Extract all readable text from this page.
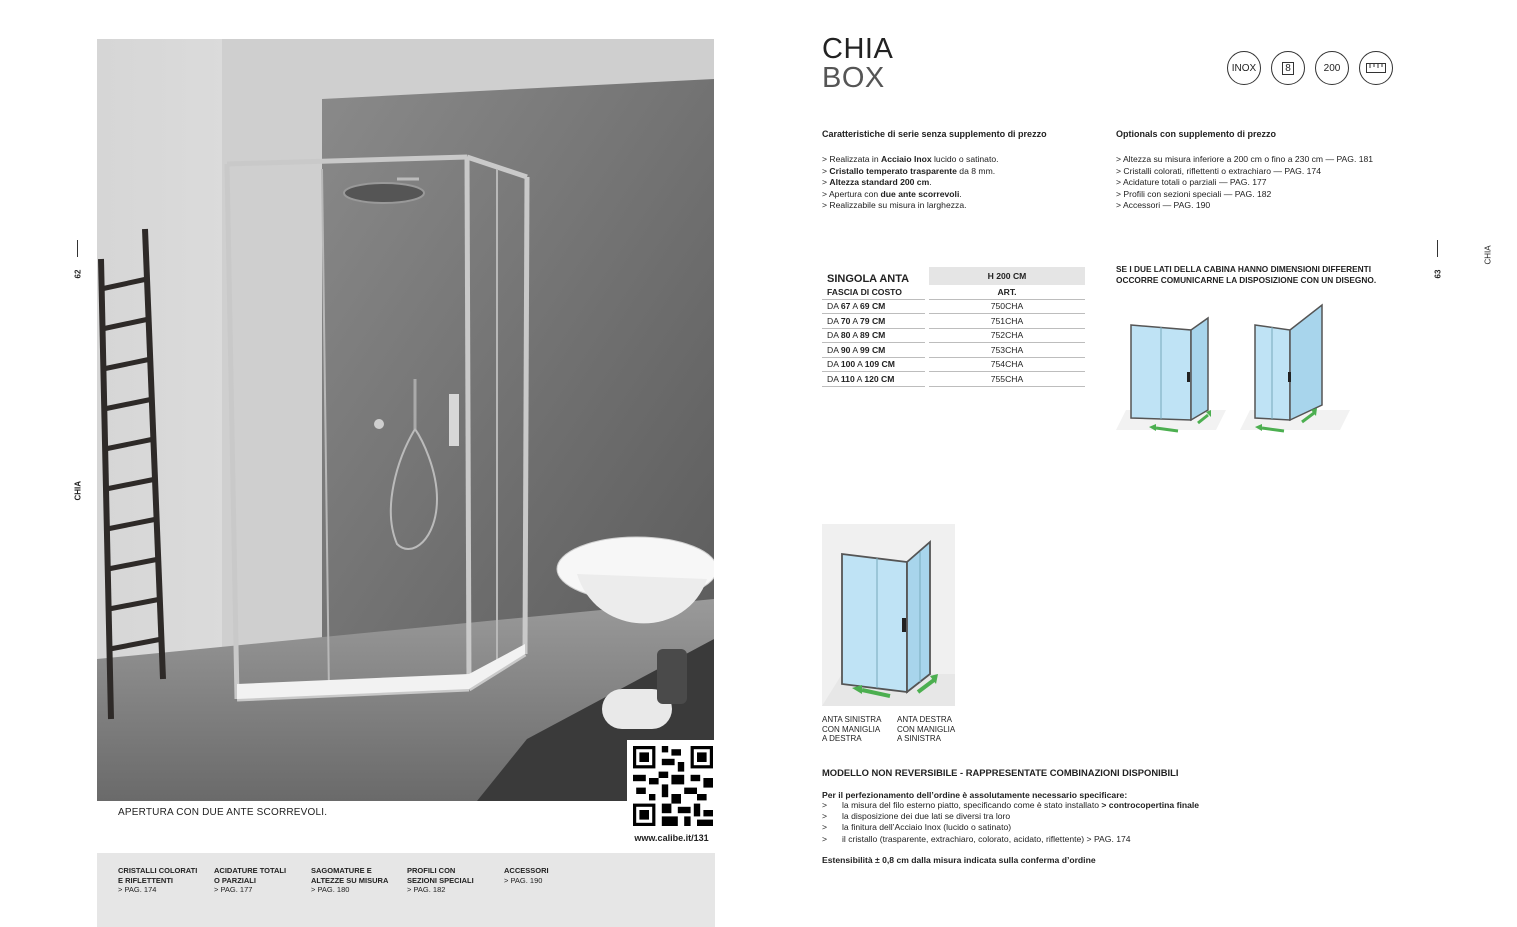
62
CHIA
www.calibe.it/131
APERTURA CON DUE ANTE SCORREVOLI.
CRISTALLI COLORATI
E RIFLETTENTI
> PAG. 174
ACIDATURE TOTALI
O PARZIALI
> PAG. 177
SAGOMATURE E
ALTEZZE SU MISURA
> PAG. 180
PROFILI CON
SEZIONI SPECIALI
> PAG. 182
ACCESSORI
> PAG. 190
CHIA
BOX	INOX	8	200
Caratteristiche di serie senza supplemento di prezzo
> Realizzata in Acciaio Inox lucido o satinato.
> Cristallo temperato trasparente da 8 mm.
> Altezza standard 200 cm.
> Apertura con due ante scorrevoli.
> Realizzabile su misura in larghezza.
Optionals con supplemento di prezzo
> Altezza su misura inferiore a 200 cm o fino a 230 cm — PAG. 181
> Cristalli colorati, riflettenti o extrachiaro — PAG. 174
> Acidature totali o parziali — PAG. 177
> Profili con sezioni speciali — PAG. 182
> Accessori — PAG. 190
SINGOLA ANTA		H 200 CM
FASCIA DI COSTO		ART.
DA 67 A 69 CM		750CHA
DA 70 A 79 CM		751CHA
DA 80 A 89 CM		752CHA
DA 90 A 99 CM		753CHA
DA 100 A 109 CM		754CHA
DA 110 A 120 CM		755CHA
SE I DUE LATI DELLA CABINA HANNO DIMENSIONI DIFFERENTI OCCORRE COMUNICARNE LA DISPOSIZIONE CON UN DISEGNO.
ANTA SINISTRA
CON MANIGLIA
A DESTRA
ANTA DESTRA
CON MANIGLIA
A SINISTRA
MODELLO NON REVERSIBILE - RAPPRESENTATE COMBINAZIONI DISPONIBILI
Per il perfezionamento dell’ordine è assolutamente necessario specificare:
> la misura del filo esterno piatto, specificando come è stato installato > controcopertina finale
> la disposizione dei due lati se diversi tra loro
> la finitura dell’Acciaio Inox (lucido o satinato)
> il cristallo (trasparente, extrachiaro, colorato, acidato, riflettente) > PAG. 174
Estensibilità ± 0,8 cm dalla misura indicata sulla conferma d’ordine
63
CHIA
